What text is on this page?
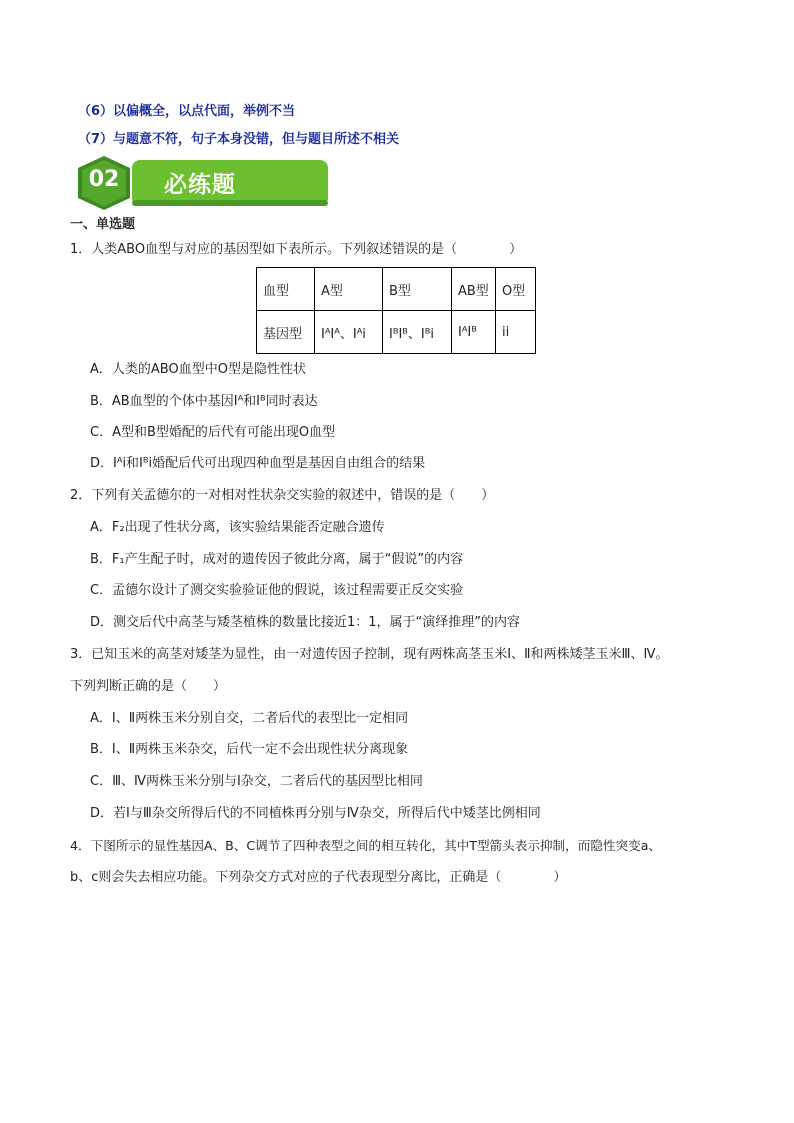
（6）以偏概全，以点代面，举例不当
（7）与题意不符，句子本身没错，但与题目所述不相关
02	必练题
一、单选题
1．人类ABO血型与对应的基因型如下表所示。下列叙述错误的是（　　　　）
血型	A型	B型	AB型	O型
基因型	IᴬIᴬ、Iᴬi	IᴮIᴮ、Iᴮi	IᴬIᴮ	ii
A．人类的ABO血型中O型是隐性性状
B．AB血型的个体中基因Iᴬ和Iᴮ同时表达
C．A型和B型婚配的后代有可能出现O血型
D．Iᴬi和Iᴮi婚配后代可出现四种血型是基因自由组合的结果
2．下列有关孟德尔的一对相对性状杂交实验的叙述中，错误的是（　　）
A．F₂出现了性状分离，该实验结果能否定融合遗传
B．F₁产生配子时，成对的遗传因子彼此分离，属于“假说”的内容
C．孟德尔设计了测交实验验证他的假说，该过程需要正反交实验
D．测交后代中高茎与矮茎植株的数量比接近1：1，属于“演绎推理”的内容
3．已知玉米的高茎对矮茎为显性，由一对遗传因子控制，现有两株高茎玉米Ⅰ、Ⅱ和两株矮茎玉米Ⅲ、Ⅳ。
下列判断正确的是（　　）
A．Ⅰ、Ⅱ两株玉米分别自交，二者后代的表型比一定相同
B．Ⅰ、Ⅱ两株玉米杂交，后代一定不会出现性状分离现象
C．Ⅲ、Ⅳ两株玉米分别与Ⅰ杂交，二者后代的基因型比相同
D．若Ⅰ与Ⅲ杂交所得后代的不同植株再分别与Ⅳ杂交，所得后代中矮茎比例相同
4．下图所示的显性基因A、B、C调节了四种表型之间的相互转化，其中T型箭头表示抑制，而隐性突变a、
b、c则会失去相应功能。下列杂交方式对应的子代表现型分离比，正确是（　　　　）
